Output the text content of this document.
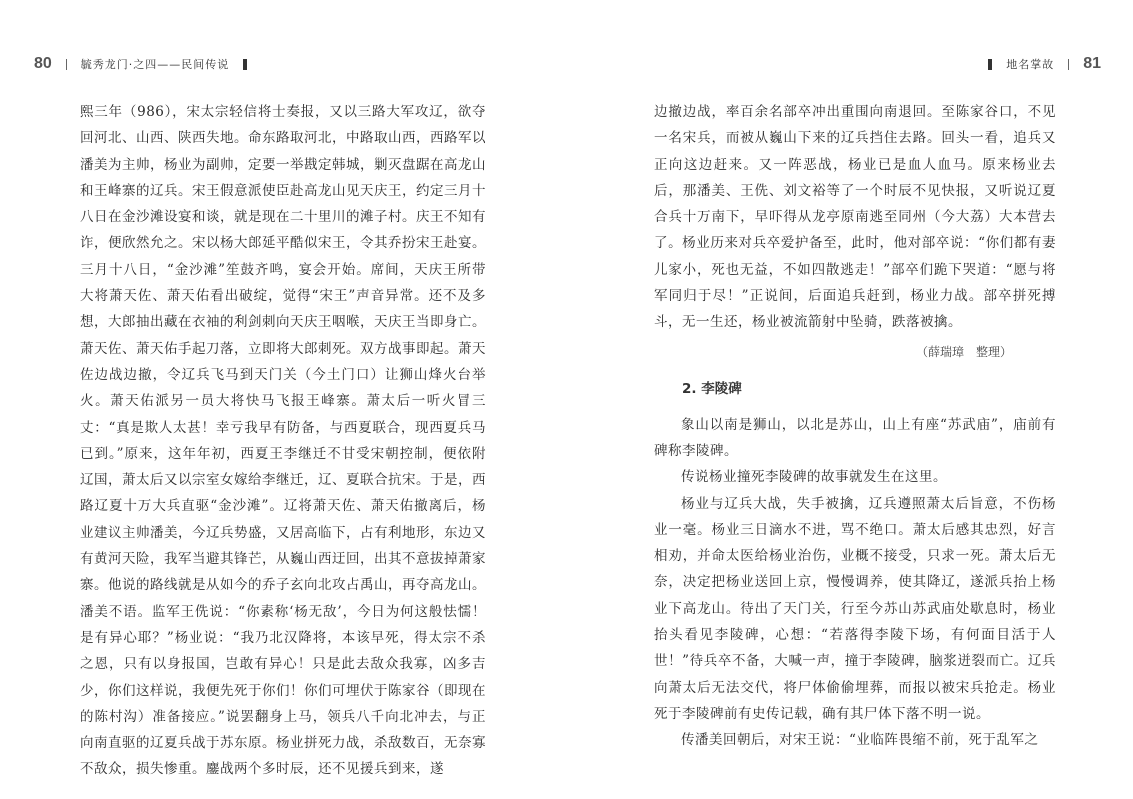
80	毓秀龙门·之四——民间传说

熙三年（986），宋太宗轻信将士奏报，又以三路大军攻辽，欲夺回河北、山西、陕西失地。命东路取河北，中路取山西，西路军以潘美为主帅，杨业为副帅，定要一举戡定韩城，剿灭盘踞在高龙山和王峰寨的辽兵。宋王假意派使臣赴高龙山见天庆王，约定三月十八日在金沙滩设宴和谈，就是现在二十里川的滩子村。庆王不知有诈，便欣然允之。宋以杨大郎延平酷似宋王，令其乔扮宋王赴宴。三月十八日，“金沙滩”笙鼓齐鸣，宴会开始。席间，天庆王所带大将萧天佐、萧天佑看出破绽，觉得“宋王”声音异常。还不及多想，大郎抽出藏在衣袖的利剑刺向天庆王咽喉，天庆王当即身亡。萧天佐、萧天佑手起刀落，立即将大郎刺死。双方战事即起。萧天佐边战边撤，令辽兵飞马到天门关（今土门口）让狮山烽火台举火。萧天佑派另一员大将快马飞报王峰寨。萧太后一听火冒三丈：“真是欺人太甚！幸亏我早有防备，与西夏联合，现西夏兵马已到。”原来，这年年初，西夏王李继迁不甘受宋朝控制，便依附辽国，萧太后又以宗室女嫁给李继迁，辽、夏联合抗宋。于是，西路辽夏十万大兵直驱“金沙滩”。辽将萧天佐、萧天佑撤离后，杨业建议主帅潘美，今辽兵势盛，又居高临下，占有利地形，东边又有黄河天险，我军当避其锋芒，从巍山西迂回，出其不意拔掉萧家寨。他说的路线就是从如今的乔子玄向北攻占禹山，再夺高龙山。潘美不语。监军王侁说：“你素称‘杨无敌’，今日为何这般怯懦！是有异心耶？”杨业说：“我乃北汉降将，本该早死，得太宗不杀之恩，只有以身报国，岂敢有异心！只是此去敌众我寡，凶多吉少，你们这样说，我便先死于你们！你们可埋伏于陈家谷（即现在的陈村沟）准备接应。”说罢翻身上马，领兵八千向北冲去，与正向南直驱的辽夏兵战于苏东原。杨业拼死力战，杀敌数百，无奈寡不敌众，损失惨重。鏖战两个多时辰，还不见援兵到来，遂

地名掌故 81

边撤边战，率百余名部卒冲出重围向南退回。至陈家谷口，不见一名宋兵，而被从巍山下来的辽兵挡住去路。回头一看，追兵又正向这边赶来。又一阵恶战，杨业已是血人血马。原来杨业去后，那潘美、王侁、刘文裕等了一个时辰不见快报，又听说辽夏合兵十万南下，早吓得从龙亭原南逃至同州（今大荔）大本营去了。杨业历来对兵卒爱护备至，此时，他对部卒说：“你们都有妻儿家小，死也无益，不如四散逃走！”部卒们跪下哭道：“愿与将军同归于尽！”正说间，后面追兵赶到，杨业力战。部卒拼死搏斗，无一生还，杨业被流箭射中坠骑，跌落被擒。

（薛瑞璋　整理）
2. 李陵碑

象山以南是狮山，以北是苏山，山上有座“苏武庙”，庙前有碑称李陵碑。

传说杨业撞死李陵碑的故事就发生在这里。

杨业与辽兵大战，失手被擒，辽兵遵照萧太后旨意，不伤杨业一毫。杨业三日滴水不进，骂不绝口。萧太后感其忠烈，好言相劝，并命太医给杨业治伤，业概不接受，只求一死。萧太后无奈，决定把杨业送回上京，慢慢调养，使其降辽，遂派兵抬上杨业下高龙山。待出了天门关，行至今苏山苏武庙处歇息时，杨业抬头看见李陵碑，心想：“若落得李陵下场，有何面目活于人世！”待兵卒不备，大喊一声，撞于李陵碑，脑浆迸裂而亡。辽兵向萧太后无法交代，将尸体偷偷埋葬，而报以被宋兵抢走。杨业死于李陵碑前有史传记载，确有其尸体下落不明一说。

传潘美回朝后，对宋王说：“业临阵畏缩不前，死于乱军之
